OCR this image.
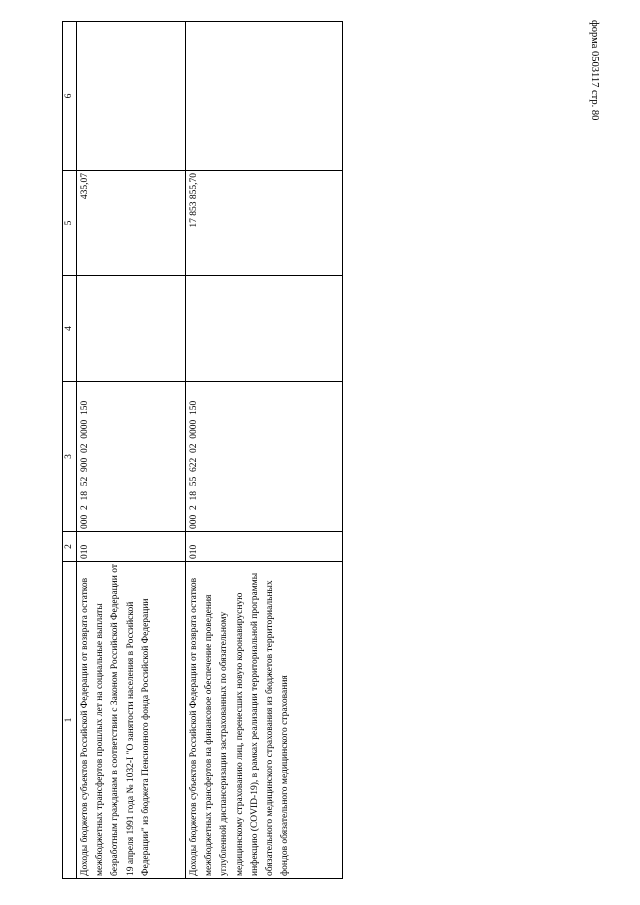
форма 0503117 стр. 80
1	2	3	4	5	6
Доходы бюджетов субъектов Российской Федерации от возврата остатков межбюджетных трансфертов прошлых лет на социальные выплаты безработным гражданам в соответствии с Законом Российской Федерации от 19 апреля 1991 года № 1032-I "О занятости населения в Российской Федерации" из бюджета Пенсионного фонда Российской Федерации	010	000  2  18  52  900  02  0000  150		435,07	
Доходы бюджетов субъектов Российской Федерации от возврата остатков межбюджетных трансфертов на финансовое обеспечение проведения углубленной диспансеризации застрахованных по обязательному медицинскому страхованию лиц, перенесших новую коронавирусную инфекцию (COVID-19), в рамках реализации территориальной программы обязательного медицинского страхования из бюджетов территориальных фондов обязательного медицинского страхования	010	000  2  18  55  622  02  0000  150		17 853 855,70	
